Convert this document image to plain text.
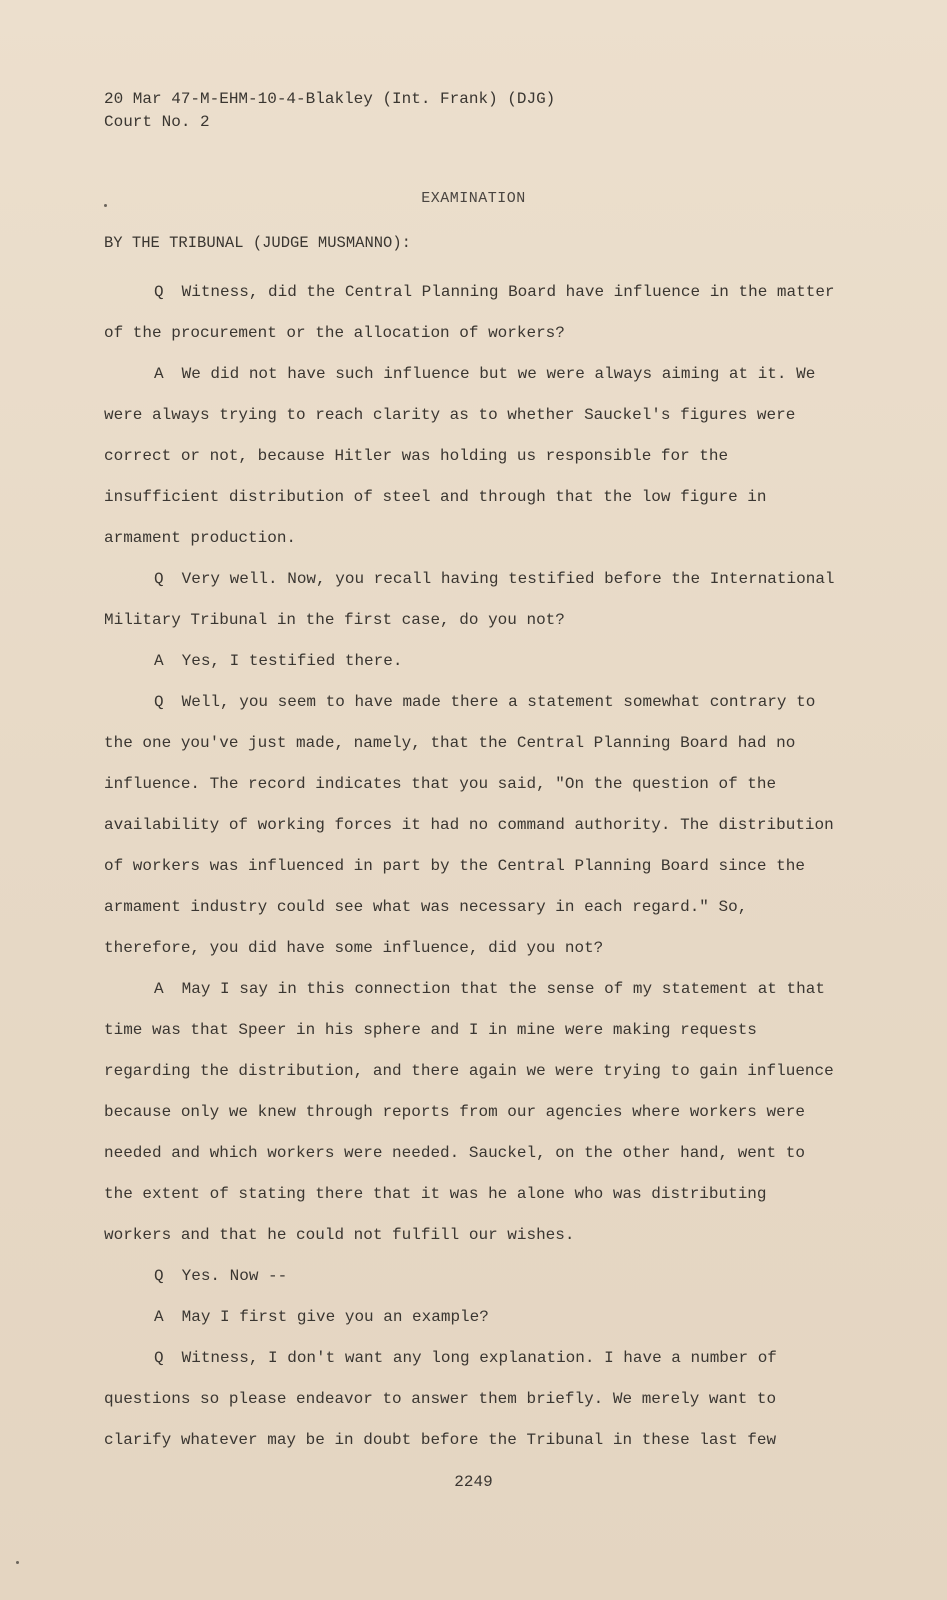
20 Mar 47-M-EHM-10-4-Blakley (Int. Frank) (DJG)
Court No. 2
EXAMINATION
BY THE TRIBUNAL (JUDGE MUSMANNO):

Q Witness, did the Central Planning Board have influence in the matter of the procurement or the allocation of workers?

A We did not have such influence but we were always aiming at it. We were always trying to reach clarity as to whether Sauckel's figures were correct or not, because Hitler was holding us responsible for the insufficient distribution of steel and through that the low figure in armament production.

Q Very well. Now, you recall having testified before the International Military Tribunal in the first case, do you not?

A Yes, I testified there.

Q Well, you seem to have made there a statement somewhat contrary to the one you've just made, namely, that the Central Planning Board had no influence. The record indicates that you said, "On the question of the availability of working forces it had no command authority. The distribution of workers was influenced in part by the Central Planning Board since the armament industry could see what was necessary in each regard." So, therefore, you did have some influence, did you not?

A May I say in this connection that the sense of my statement at that time was that Speer in his sphere and I in mine were making requests regarding the distribution, and there again we were trying to gain influence because only we knew through reports from our agencies where workers were needed and which workers were needed. Sauckel, on the other hand, went to the extent of stating there that it was he alone who was distributing workers and that he could not fulfill our wishes.

Q Yes. Now --

A May I first give you an example?

Q Witness, I don't want any long explanation. I have a number of questions so please endeavor to answer them briefly. We merely want to clarify whatever may be in doubt before the Tribunal in these last few

2249
